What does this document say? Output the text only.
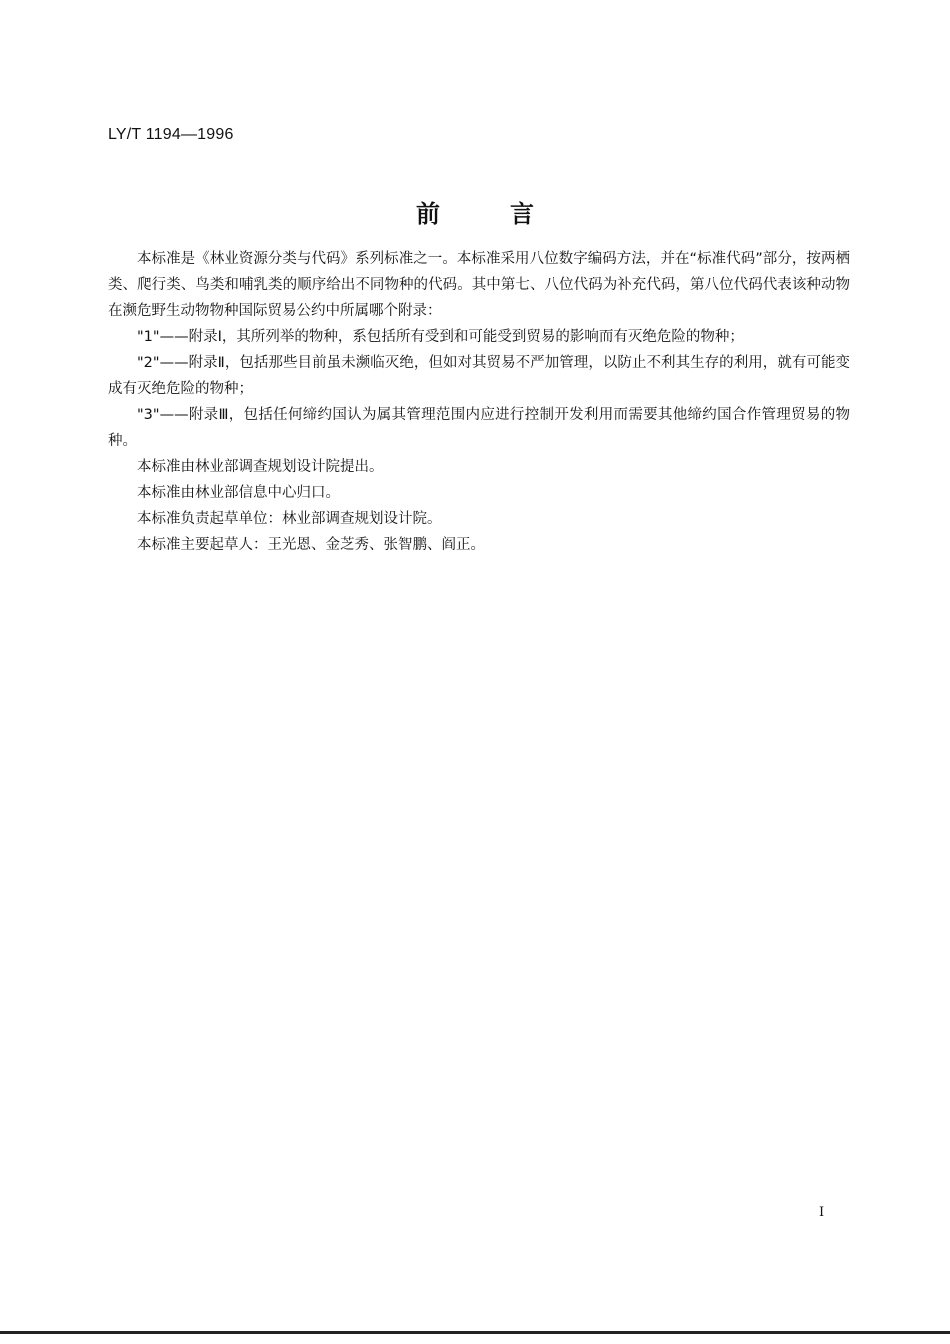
LY/T 1194—1996
前	言

本标准是《林业资源分类与代码》系列标准之一。本标准采用八位数字编码方法，并在“标准代码”部分，按两栖类、爬行类、鸟类和哺乳类的顺序给出不同物种的代码。其中第七、八位代码为补充代码，第八位代码代表该种动物在濒危野生动物物种国际贸易公约中所属哪个附录：

"1"——附录Ⅰ，其所列举的物种，系包括所有受到和可能受到贸易的影响而有灭绝危险的物种；

"2"——附录Ⅱ，包括那些目前虽未濒临灭绝，但如对其贸易不严加管理，以防止不利其生存的利用，就有可能变成有灭绝危险的物种；

"3"——附录Ⅲ，包括任何缔约国认为属其管理范围内应进行控制开发利用而需要其他缔约国合作管理贸易的物种。

本标准由林业部调查规划设计院提出。

本标准由林业部信息中心归口。

本标准负责起草单位：林业部调查规划设计院。

本标准主要起草人：王光恩、金芝秀、张智鹏、阎正。

I
